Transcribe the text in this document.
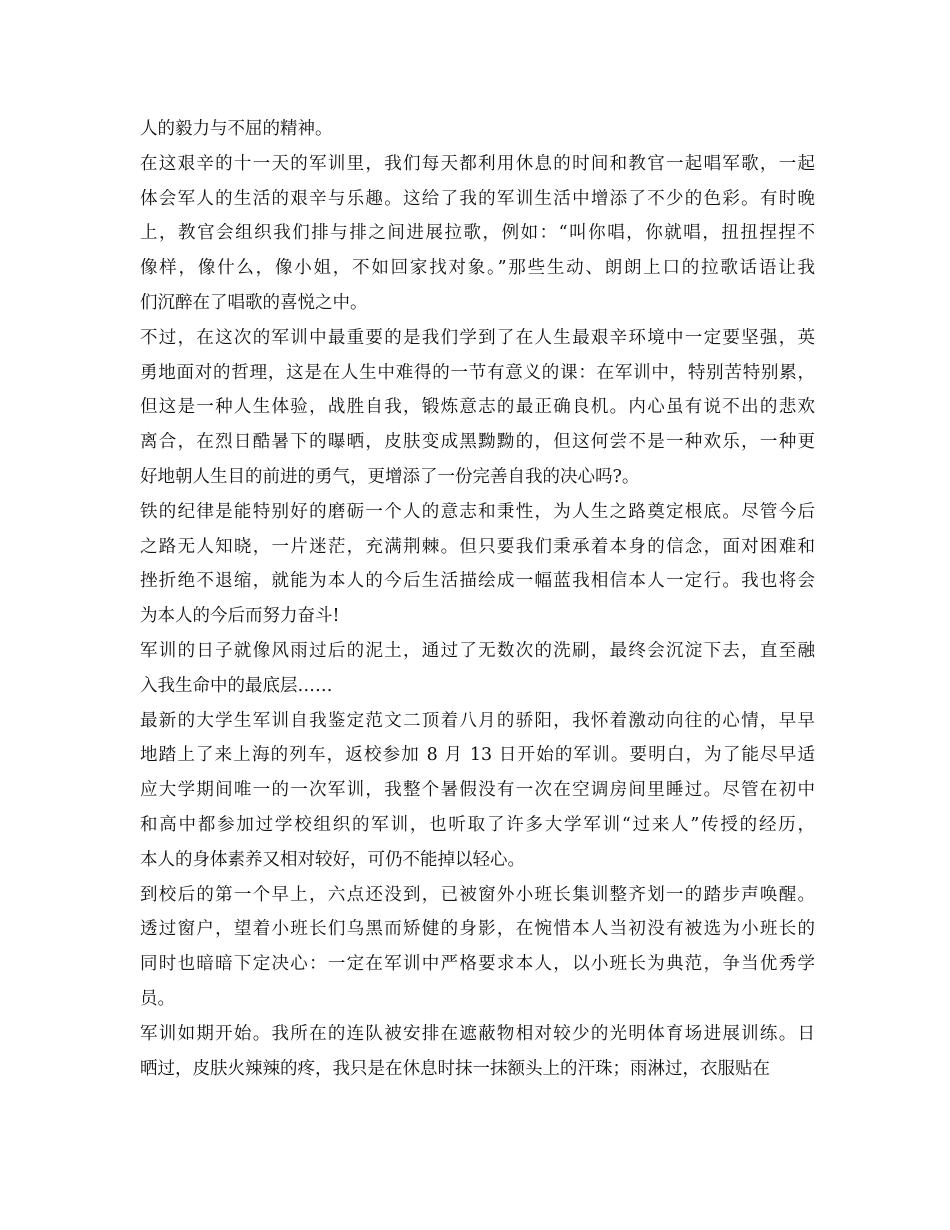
人的毅力与不屈的精神。
在这艰辛的十一天的军训里，我们每天都利用休息的时间和教官一起唱军歌，一起
体会军人的生活的艰辛与乐趣。这给了我的军训生活中增添了不少的色彩。有时晚
上，教官会组织我们排与排之间进展拉歌，例如：“叫你唱，你就唱，扭扭捏捏不
像样，像什么，像小姐，不如回家找对象。”那些生动、朗朗上口的拉歌话语让我
们沉醉在了唱歌的喜悦之中。
不过，在这次的军训中最重要的是我们学到了在人生最艰辛环境中一定要坚强，英
勇地面对的哲理，这是在人生中难得的一节有意义的课：在军训中，特别苦特别累，
但这是一种人生体验，战胜自我，锻炼意志的最正确良机。内心虽有说不出的悲欢
离合，在烈日酷暑下的曝晒，皮肤变成黑黝黝的，但这何尝不是一种欢乐，一种更
好地朝人生目的前进的勇气，更增添了一份完善自我的决心吗?。
铁的纪律是能特别好的磨砺一个人的意志和秉性，为人生之路奠定根底。尽管今后
之路无人知晓，一片迷茫，充满荆棘。但只要我们秉承着本身的信念，面对困难和
挫折绝不退缩，就能为本人的今后生活描绘成一幅蓝我相信本人一定行。我也将会
为本人的今后而努力奋斗!
军训的日子就像风雨过后的泥土，通过了无数次的洗刷，最终会沉淀下去，直至融
入我生命中的最底层……
最新的大学生军训自我鉴定范文二顶着八月的骄阳，我怀着激动向往的心情，早早
地踏上了来上海的列车，返校参加 8 月 13 日开始的军训。要明白，为了能尽早适
应大学期间唯一的一次军训，我整个暑假没有一次在空调房间里睡过。尽管在初中
和高中都参加过学校组织的军训，也听取了许多大学军训“过来人”传授的经历，
本人的身体素养又相对较好，可仍不能掉以轻心。
到校后的第一个早上，六点还没到，已被窗外小班长集训整齐划一的踏步声唤醒。
透过窗户，望着小班长们乌黑而矫健的身影，在惋惜本人当初没有被选为小班长的
同时也暗暗下定决心：一定在军训中严格要求本人，以小班长为典范，争当优秀学
员。
军训如期开始。我所在的连队被安排在遮蔽物相对较少的光明体育场进展训练。日
晒过，皮肤火辣辣的疼，我只是在休息时抹一抹额头上的汗珠；雨淋过，衣服贴在
